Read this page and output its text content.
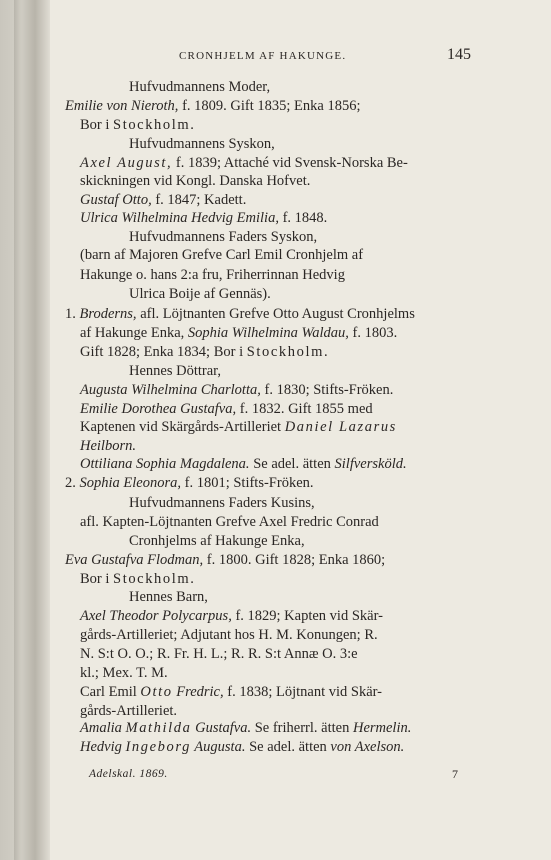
CRONHJELM AF HAKUNGE.	145
Hufvudmannens Moder,
Emilie von Nieroth, f. 1809. Gift 1835; Enka 1856;
Bor i Stockholm.
Hufvudmannens Syskon,
Axel August, f. 1839; Attaché vid Svensk-Norska Be-
skickningen vid Kongl. Danska Hofvet.
Gustaf Otto, f. 1847; Kadett.
Ulrica Wilhelmina Hedvig Emilia, f. 1848.
Hufvudmannens Faders Syskon,
(barn af Majoren Grefve Carl Emil Cronhjelm af
Hakunge o. hans 2:a fru, Friherrinnan Hedvig
Ulrica Boije af Gennäs).
1. Broderns, afl. Löjtnanten Grefve Otto August Cronhjelms
af Hakunge Enka, Sophia Wilhelmina Waldau, f. 1803.
Gift 1828; Enka 1834; Bor i Stockholm.
Hennes Döttrar,
Augusta Wilhelmina Charlotta, f. 1830; Stifts-Fröken.
Emilie Dorothea Gustafva, f. 1832. Gift 1855 med
Kaptenen vid Skärgårds-Artilleriet Daniel Lazarus
Heilborn.
Ottiliana Sophia Magdalena. Se adel. ätten Silfversköld.
2. Sophia Eleonora, f. 1801; Stifts-Fröken.
Hufvudmannens Faders Kusins,
afl. Kapten-Löjtnanten Grefve Axel Fredric Conrad
Cronhjelms af Hakunge Enka,
Eva Gustafva Flodman, f. 1800. Gift 1828; Enka 1860;
Bor i Stockholm.
Hennes Barn,
Axel Theodor Polycarpus, f. 1829; Kapten vid Skär-
gårds-Artilleriet; Adjutant hos H. M. Konungen; R.
N. S:t O. O.; R. Fr. H. L.; R. R. S:t Annæ O. 3:e
kl.; Mex. T. M.
Carl Emil Otto Fredric, f. 1838; Löjtnant vid Skär-
gårds-Artilleriet.
Amalia Mathilda Gustafva. Se friherrl. ätten Hermelin.
Hedvig Ingeborg Augusta. Se adel. ätten von Axelson.
Adelskal. 1869.	7
